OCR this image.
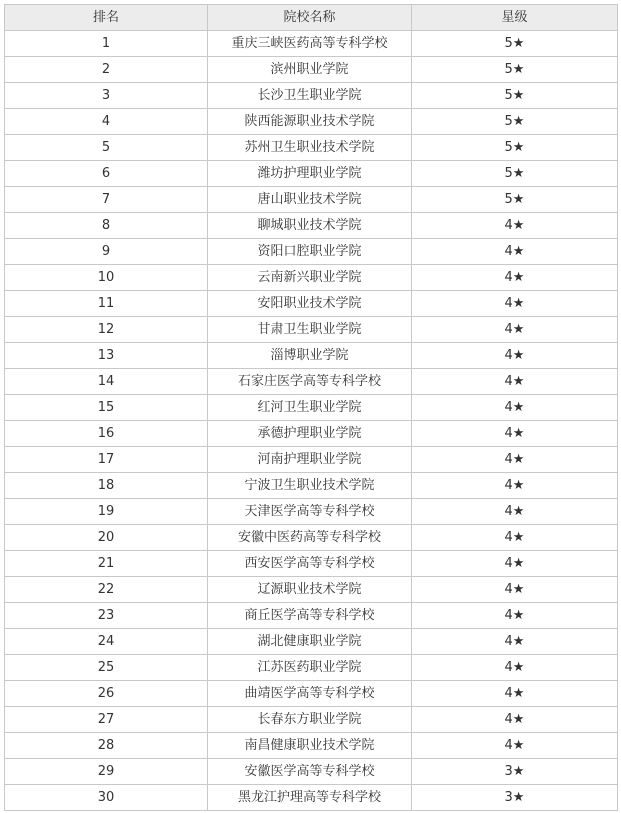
排名	院校名称	星级
1	重庆三峡医药高等专科学校	5★
2	滨州职业学院	5★
3	长沙卫生职业学院	5★
4	陕西能源职业技术学院	5★
5	苏州卫生职业技术学院	5★
6	潍坊护理职业学院	5★
7	唐山职业技术学院	5★
8	聊城职业技术学院	4★
9	资阳口腔职业学院	4★
10	云南新兴职业学院	4★
11	安阳职业技术学院	4★
12	甘肃卫生职业学院	4★
13	淄博职业学院	4★
14	石家庄医学高等专科学校	4★
15	红河卫生职业学院	4★
16	承德护理职业学院	4★
17	河南护理职业学院	4★
18	宁波卫生职业技术学院	4★
19	天津医学高等专科学校	4★
20	安徽中医药高等专科学校	4★
21	西安医学高等专科学校	4★
22	辽源职业技术学院	4★
23	商丘医学高等专科学校	4★
24	湖北健康职业学院	4★
25	江苏医药职业学院	4★
26	曲靖医学高等专科学校	4★
27	长春东方职业学院	4★
28	南昌健康职业技术学院	4★
29	安徽医学高等专科学校	3★
30	黑龙江护理高等专科学校	3★
